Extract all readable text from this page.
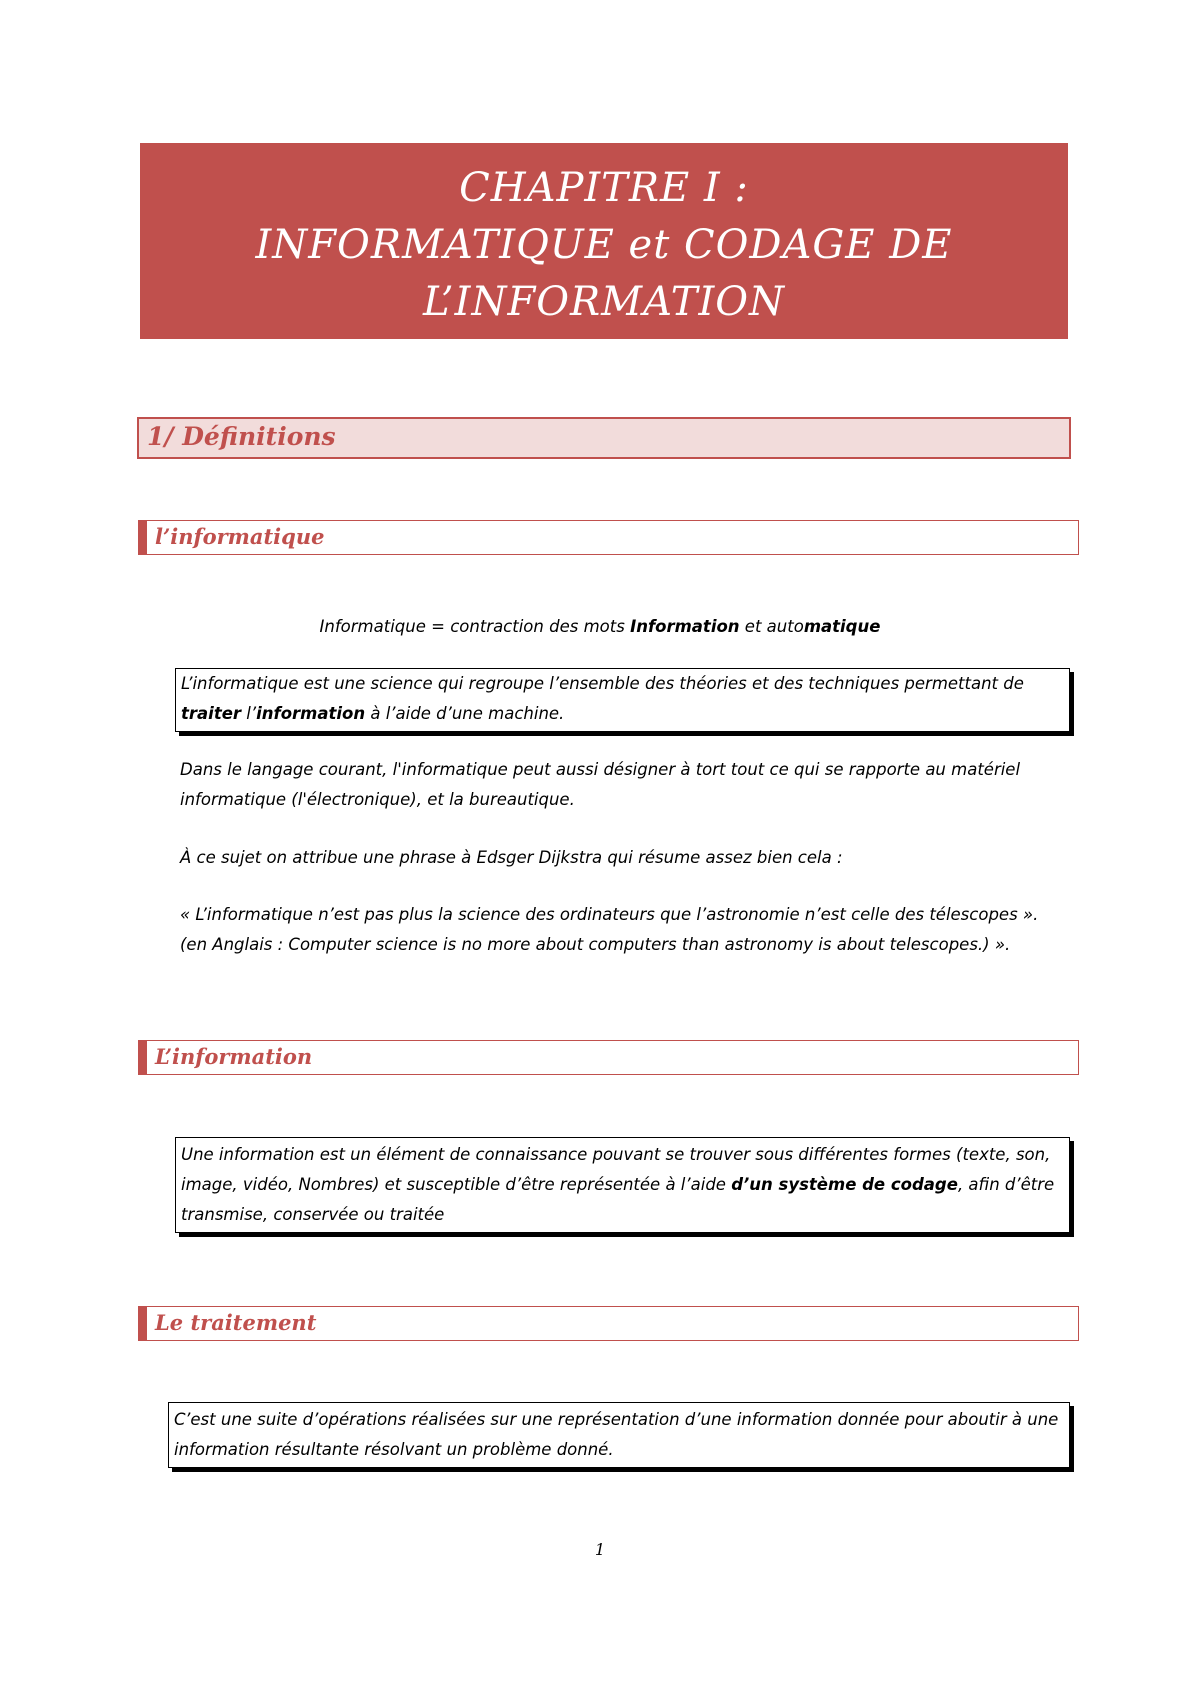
CHAPITRE I :
INFORMATIQUE et CODAGE DE
L’INFORMATION
1/ Définitions
l’informatique
Informatique = contraction des mots Information et automatique
L’informatique est une science qui regroupe l’ensemble des théories et des techniques permettant de traiter l’information à l’aide d’une machine.
Dans le langage courant, l'informatique peut aussi désigner à tort tout ce qui se rapporte au matériel
informatique (l'électronique), et la bureautique.
À ce sujet on attribue une phrase à Edsger Dijkstra qui résume assez bien cela :
« L’informatique n’est pas plus la science des ordinateurs que l’astronomie n’est celle des télescopes ».
(en Anglais : Computer science is no more about computers than astronomy is about telescopes.) ».
L’information
Une information est un élément de connaissance pouvant se trouver sous différentes formes (texte, son,
image, vidéo, Nombres) et susceptible d’être représentée à l’aide d’un système de codage, afin d’être
transmise, conservée ou traitée
Le traitement
C’est une suite d’opérations réalisées sur une représentation d’une information donnée pour aboutir à une
information résultante résolvant un problème donné.
1
